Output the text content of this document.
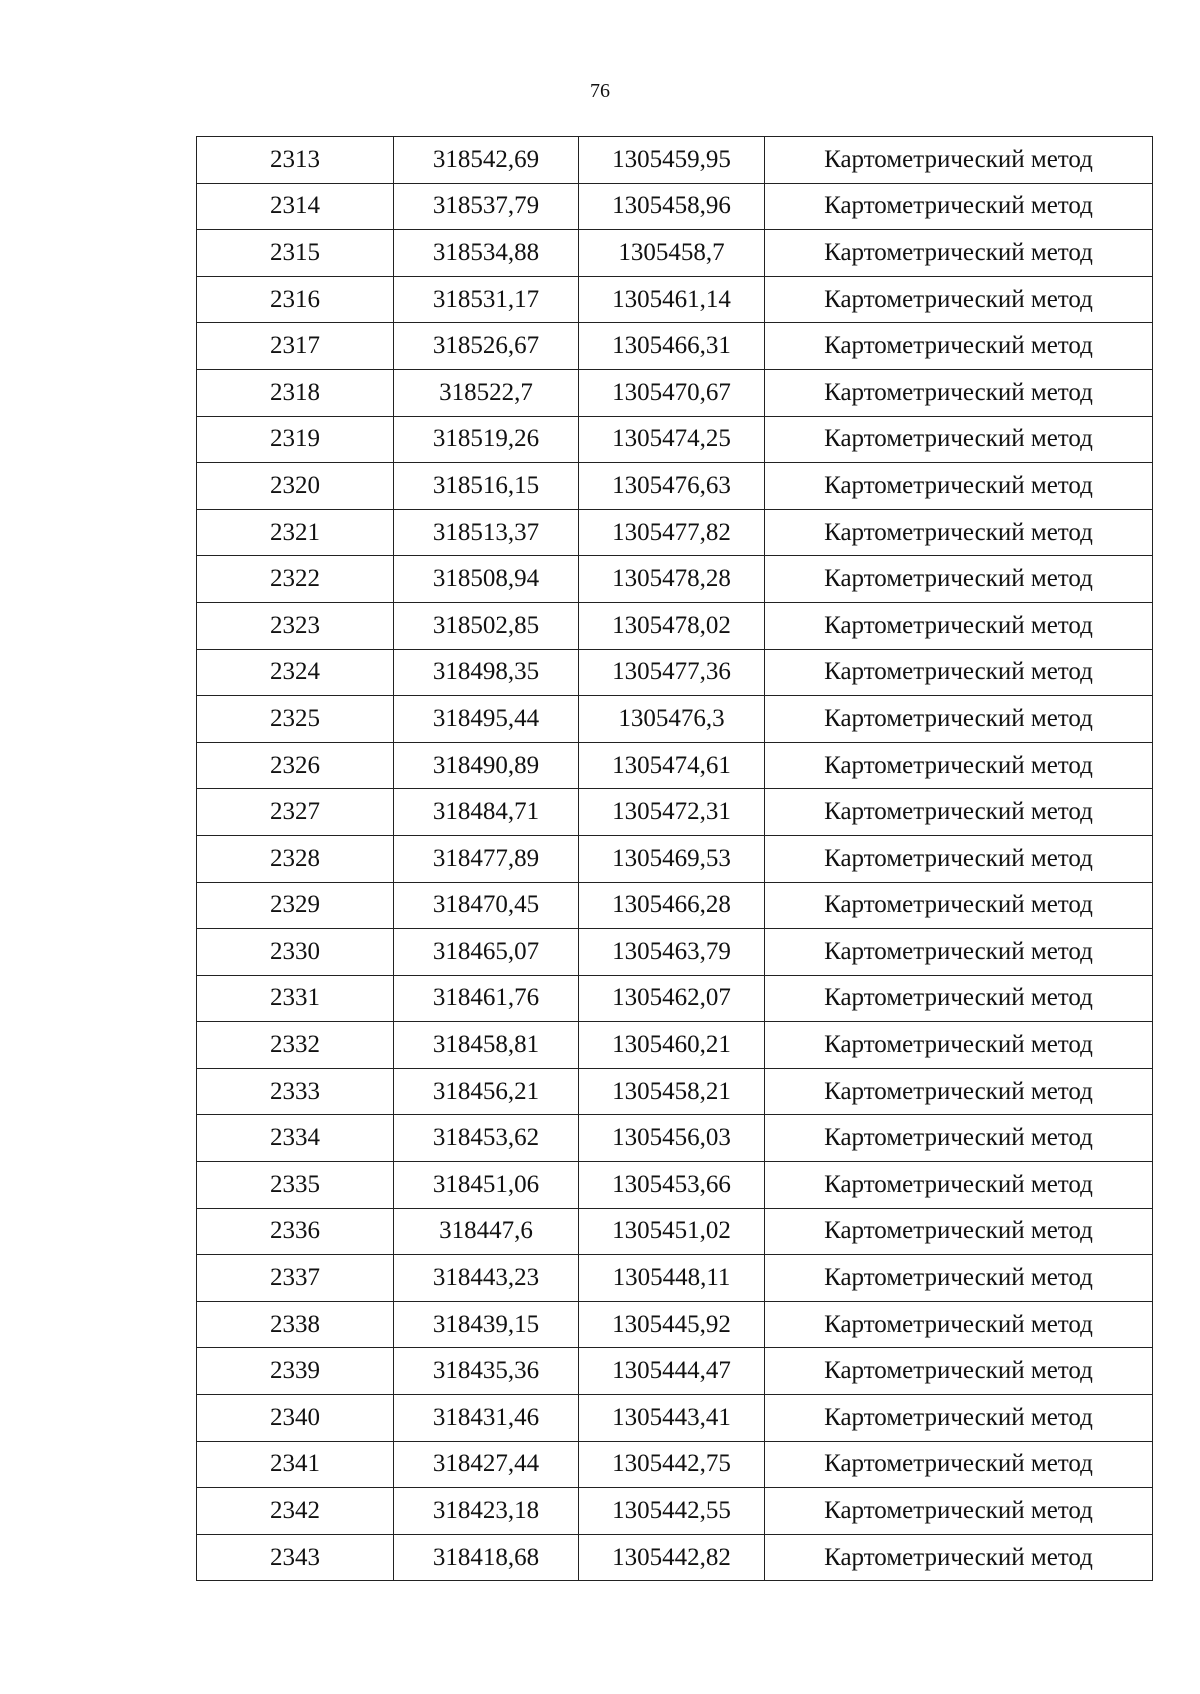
76
2313	318542,69	1305459,95	Картометрический метод
2314	318537,79	1305458,96	Картометрический метод
2315	318534,88	1305458,7	Картометрический метод
2316	318531,17	1305461,14	Картометрический метод
2317	318526,67	1305466,31	Картометрический метод
2318	318522,7	1305470,67	Картометрический метод
2319	318519,26	1305474,25	Картометрический метод
2320	318516,15	1305476,63	Картометрический метод
2321	318513,37	1305477,82	Картометрический метод
2322	318508,94	1305478,28	Картометрический метод
2323	318502,85	1305478,02	Картометрический метод
2324	318498,35	1305477,36	Картометрический метод
2325	318495,44	1305476,3	Картометрический метод
2326	318490,89	1305474,61	Картометрический метод
2327	318484,71	1305472,31	Картометрический метод
2328	318477,89	1305469,53	Картометрический метод
2329	318470,45	1305466,28	Картометрический метод
2330	318465,07	1305463,79	Картометрический метод
2331	318461,76	1305462,07	Картометрический метод
2332	318458,81	1305460,21	Картометрический метод
2333	318456,21	1305458,21	Картометрический метод
2334	318453,62	1305456,03	Картометрический метод
2335	318451,06	1305453,66	Картометрический метод
2336	318447,6	1305451,02	Картометрический метод
2337	318443,23	1305448,11	Картометрический метод
2338	318439,15	1305445,92	Картометрический метод
2339	318435,36	1305444,47	Картометрический метод
2340	318431,46	1305443,41	Картометрический метод
2341	318427,44	1305442,75	Картометрический метод
2342	318423,18	1305442,55	Картометрический метод
2343	318418,68	1305442,82	Картометрический метод
